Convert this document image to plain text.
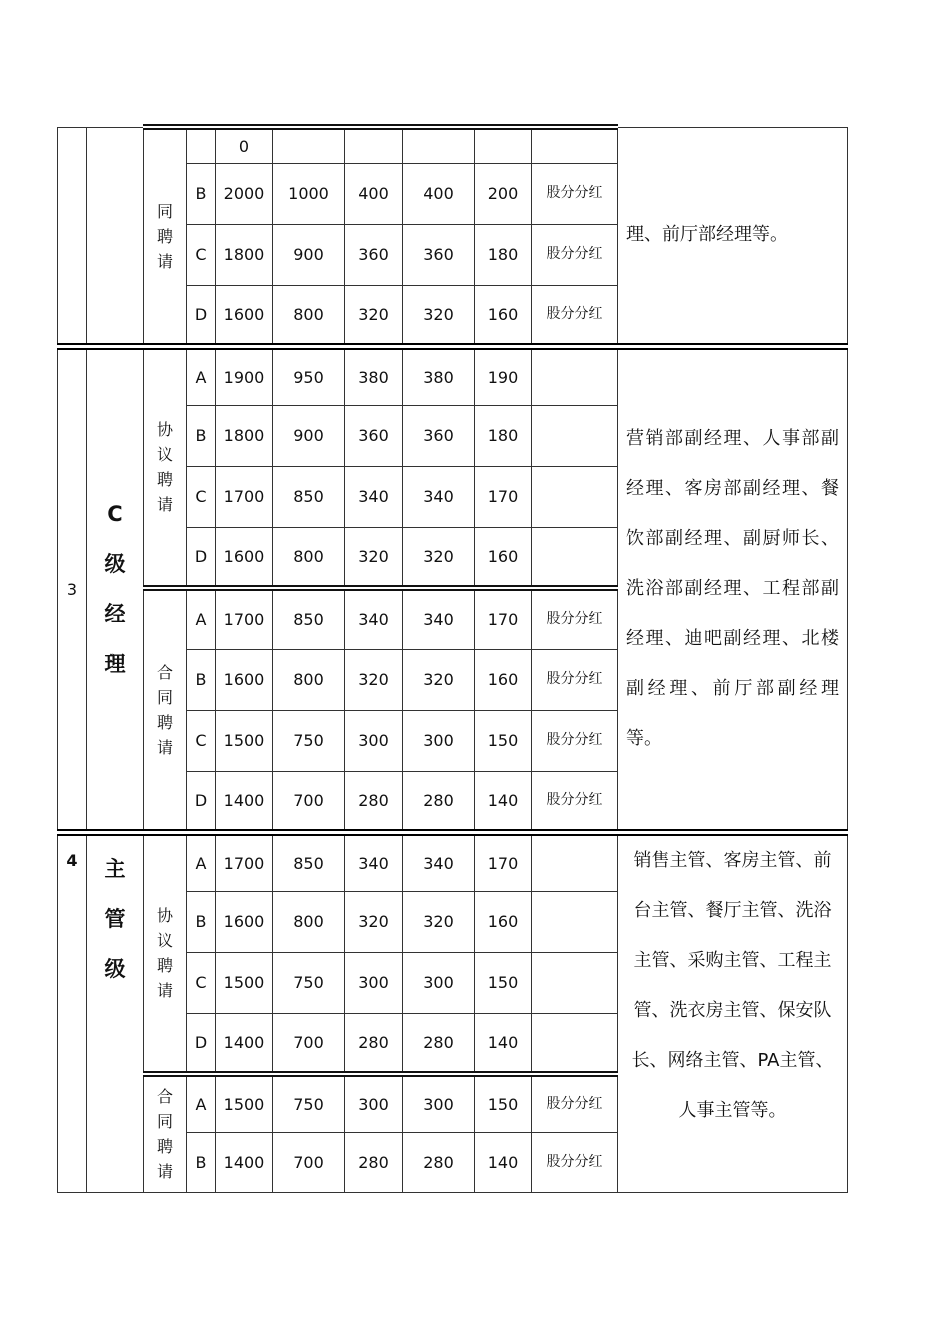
		同聘请		0						理、前厅部经理等。
			B	2000	1000	400	400	200	股分分红	
			C	1800	900	360	360	180	股分分红	
			D	1600	800	320	320	160	股分分红	
3	C级经理	协议聘请	A	1900	950	380	380	190		营销部副经理、人事部副经理、客房部副经理、餐饮部副经理、副厨师长、洗浴部副经理、工程部副经理、迪吧副经理、北楼副经理、前厅部副经理等。
			B	1800	900	360	360	180		
			C	1700	850	340	340	170		
			D	1600	800	320	320	160		
		合同聘请	A	1700	850	340	340	170	股分分红	
			B	1600	800	320	320	160	股分分红	
			C	1500	750	300	300	150	股分分红	
			D	1400	700	280	280	140	股分分红	
4	主管级	协议聘请	A	1700	850	340	340	170		销售主管、客房主管、前台主管、餐厅主管、洗浴主管、采购主管、工程主管、洗衣房主管、保安队长、网络主管、PA主管、人事主管等。
			B	1600	800	320	320	160		
			C	1500	750	300	300	150		
			D	1400	700	280	280	140		
		合同聘请	A	1500	750	300	300	150	股分分红	
			B	1400	700	280	280	140	股分分红	
